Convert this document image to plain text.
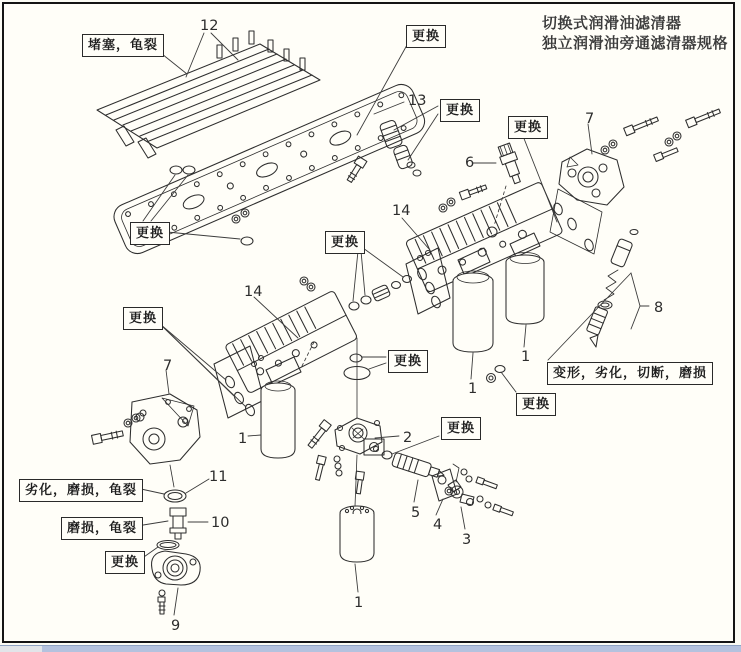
切换式润滑油滤清器
独立润滑油旁通滤清器规格
堵塞，龟裂
更换
更换
更换
更换
更换
更换
更换
更换
更换
更换
变形，劣化，切断，磨损
劣化，磨损，龟裂
磨损，龟裂
12
13
14
14
7
7
6
8
11
10
9
2
5
4
3
1
1
1
1
